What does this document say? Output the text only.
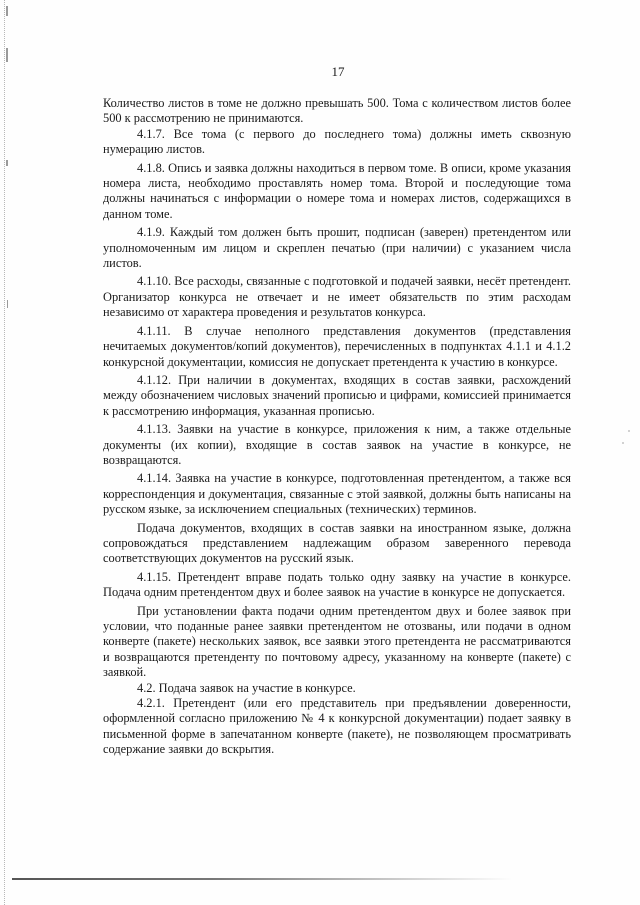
17

Количество листов в томе не должно превышать 500. Тома с количеством листов более 500 к рассмотрению не принимаются.

4.1.7. Все тома (с первого до последнего тома) должны иметь сквозную нумерацию листов.

4.1.8. Опись и заявка должны находиться в первом томе. В описи, кроме указания номера листа, необходимо проставлять номер тома. Второй и последующие тома должны начинаться с информации о номере тома и номерах листов, содержащихся в данном томе.

4.1.9. Каждый том должен быть прошит, подписан (заверен) претендентом или уполномоченным им лицом и скреплен печатью (при наличии) с указанием числа листов.

4.1.10. Все расходы, связанные с подготовкой и подачей заявки, несёт претендент. Организатор конкурса не отвечает и не имеет обязательств по этим расходам независимо от характера проведения и результатов конкурса.

4.1.11. В случае неполного представления документов (представления нечитаемых документов/копий документов), перечисленных в подпунктах 4.1.1 и 4.1.2 конкурсной документации, комиссия не допускает претендента к участию в конкурсе.

4.1.12. При наличии в документах, входящих в состав заявки, расхождений между обозначением числовых значений прописью и цифрами, комиссией принимается к рассмотрению информация, указанная прописью.

4.1.13. Заявки на участие в конкурсе, приложения к ним, а также отдельные документы (их копии), входящие в состав заявок на участие в конкурсе, не возвращаются.

4.1.14. Заявка на участие в конкурсе, подготовленная претендентом, а также вся корреспонденция и документация, связанные с этой заявкой, должны быть написаны на русском языке, за исключением специальных (технических) терминов.

Подача документов, входящих в состав заявки на иностранном языке, должна сопровождаться представлением надлежащим образом заверенного перевода соответствующих документов на русский язык.

4.1.15. Претендент вправе подать только одну заявку на участие в конкурсе. Подача одним претендентом двух и более заявок на участие в конкурсе не допускается.

При установлении факта подачи одним претендентом двух и более заявок при условии, что поданные ранее заявки претендентом не отозваны, или подачи в одном конверте (пакете) нескольких заявок, все заявки этого претендента не рассматриваются и возвращаются претенденту по почтовому адресу, указанному на конверте (пакете) с заявкой.

4.2. Подача заявок на участие в конкурсе.

4.2.1. Претендент (или его представитель при предъявлении доверенности, оформленной согласно приложению № 4 к конкурсной документации) подает заявку в письменной форме в запечатанном конверте (пакете), не позволяющем просматривать содержание заявки до вскрытия.
